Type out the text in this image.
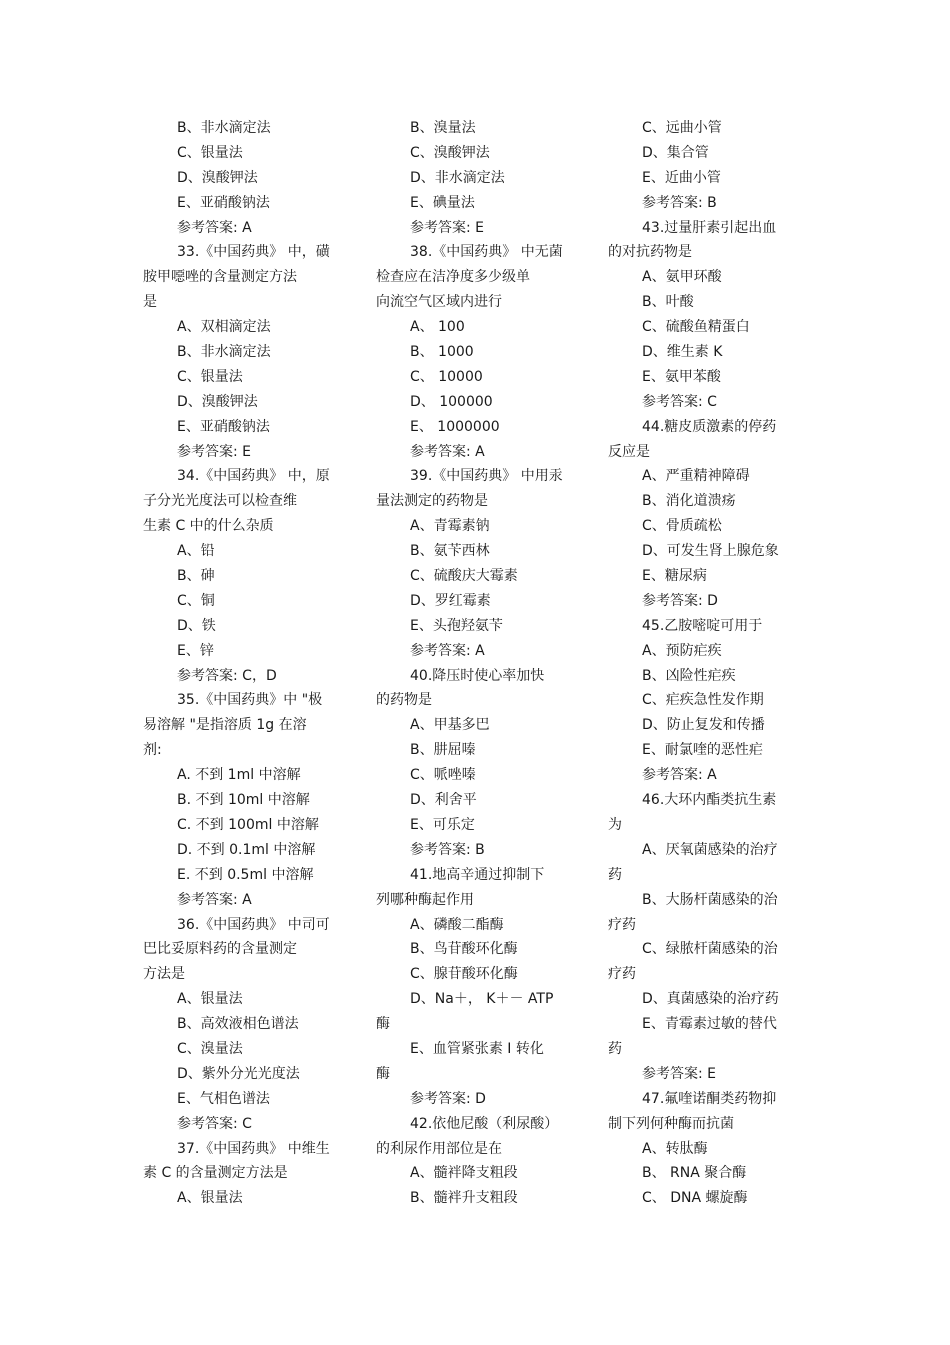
B、非水滴定法
C、银量法
D、溴酸钾法
E、亚硝酸钠法
参考答案: A
33.《中国药典》 中，磺
胺甲噁唑的含量测定方法
是
A、双相滴定法
B、非水滴定法
C、银量法
D、溴酸钾法
E、亚硝酸钠法
参考答案: E
34.《中国药典》 中，原
子分光光度法可以检查维
生素 C 中的什么杂质
A、铅
B、砷
C、铜
D、铁
E、锌
参考答案: C，D
35.《中国药典》中 "极
易溶解 "是指溶质 1g 在溶
剂:
A. 不到 1ml 中溶解
B. 不到 10ml 中溶解
C. 不到 100ml 中溶解
D. 不到 0.1ml 中溶解
E. 不到 0.5ml 中溶解
参考答案: A
36.《中国药典》 中司可
巴比妥原料药的含量测定
方法是
A、银量法
B、高效液相色谱法
C、溴量法
D、紫外分光光度法
E、气相色谱法
参考答案: C
37.《中国药典》 中维生
素 C 的含量测定方法是
A、银量法
B、溴量法
C、溴酸钾法
D、非水滴定法
E、碘量法
参考答案: E
38.《中国药典》 中无菌
检查应在洁净度多少级单
向流空气区域内进行
A、 100
B、 1000
C、 10000
D、 100000
E、 1000000
参考答案: A
39.《中国药典》 中用汞
量法测定的药物是
A、青霉素钠
B、氨苄西林
C、硫酸庆大霉素
D、罗红霉素
E、头孢羟氨苄
参考答案: A
40.降压时使心率加快
的药物是
A、甲基多巴
B、肼屈嗪
C、哌唑嗪
D、利舍平
E、可乐定
参考答案: B
41.地高辛通过抑制下
列哪种酶起作用
A、磷酸二酯酶
B、鸟苷酸环化酶
C、腺苷酸环化酶
D、Na＋， K＋－ ATP
酶
E、血管紧张素 Ⅰ 转化
酶
参考答案: D
42.依他尼酸（利尿酸）
的利尿作用部位是在
A、髓袢降支粗段
B、髓袢升支粗段
C、远曲小管
D、集合管
E、近曲小管
参考答案: B
43.过量肝素引起出血
的对抗药物是
A、氨甲环酸
B、叶酸
C、硫酸鱼精蛋白
D、维生素 K
E、氨甲苯酸
参考答案: C
44.糖皮质激素的停药
反应是
A、严重精神障碍
B、消化道溃疡
C、骨质疏松
D、可发生肾上腺危象
E、糖尿病
参考答案: D
45.乙胺嘧啶可用于
A、预防疟疾
B、凶险性疟疾
C、疟疾急性发作期
D、防止复发和传播
E、耐氯喹的恶性疟
参考答案: A
46.大环内酯类抗生素
为
A、厌氧菌感染的治疗
药
B、大肠杆菌感染的治
疗药
C、绿脓杆菌感染的治
疗药
D、真菌感染的治疗药
E、青霉素过敏的替代
药
参考答案: E
47.氟喹诺酮类药物抑
制下列何种酶而抗菌
A、转肽酶
B、 RNA 聚合酶
C、 DNA 螺旋酶
